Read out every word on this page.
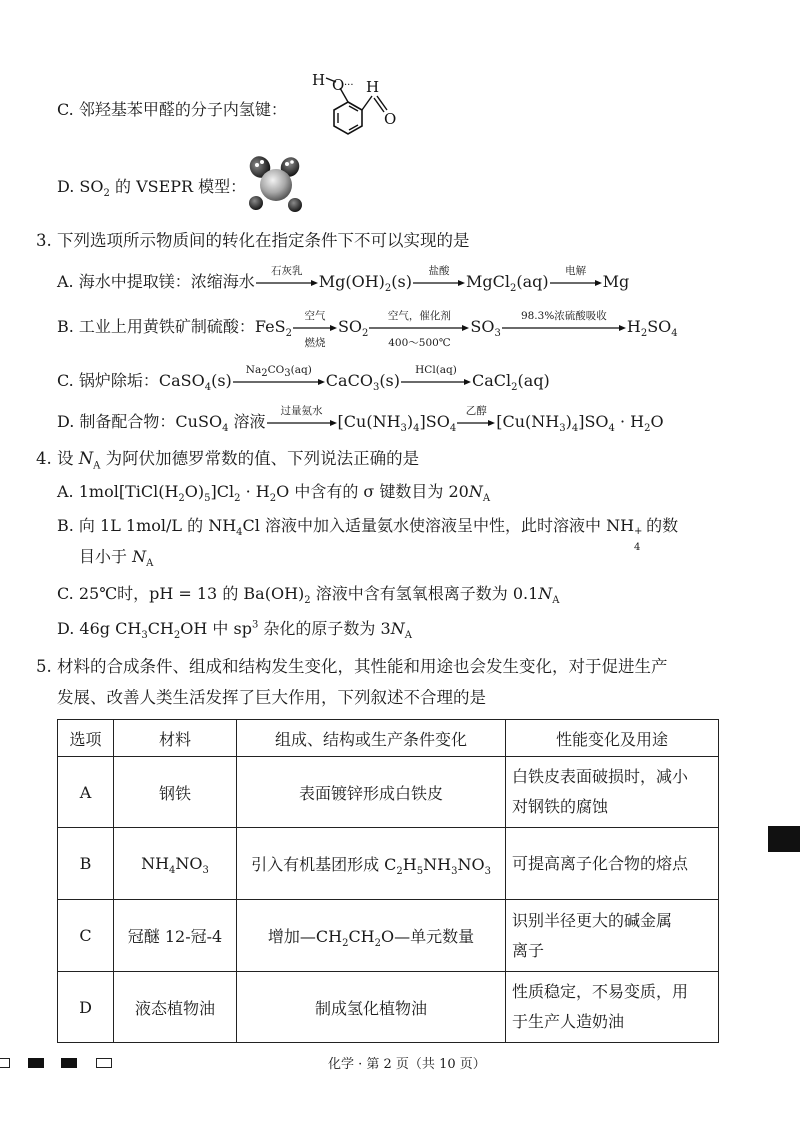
C. 邻羟基苯甲醛的分子内氢键：
···
H O H
O
D. $SO_2$ 的 VSEPR 模型：
3. 下列选项所示物质间的转化在指定条件下不可以实现的是
A. 海水中提取镁：浓缩海水
石灰乳
$Mg(OH)_2(s)$
盐酸
MgCl$_2$(aq)
电解
Mg
B. 工业上用黄铁矿制硫酸：FeS$_2$
空气
燃烧
$SO_2$
空气，催化剂
400～500℃
$SO_3$
98.3%浓硫酸吸收
$H_2SO_4$
C. 锅炉除垢：CaSO$_4$(s)
$Na_2CO_3(aq)$
CaCO$_3$(s)
HCl(aq)
CaCl$_2$(aq)
D. 制备配合物：CuSO$_4$ 溶液
过量氨水
$[Cu(NH_3)_4]SO_4$
乙醇
$[Cu(NH_3)_4]SO_4 \cdot H_2O$
4. 设 $N_A$ 为阿伏加德罗常数的值、下列说法正确的是
A. $1mol[TiCl(H_2O)_5]Cl_2 \cdot H_2O$ 中含有的 σ 键数目为 $20N_A$
B. 向 1L 1mol/L 的 $NH_4Cl$ 溶液中加入适量氨水使溶液呈中性，此时溶液中 NH +
4
的数
目小于 $N_A$
C. 25℃时，pH = 13 的 $Ba(OH)_2$ 溶液中含有氢氧根离子数为 $0.1N_A$
D. 46g $CH_3CH_2OH$ 中 $sp^3$ 杂化的原子数为 $3N_A$
5. 材料的合成条件、组成和结构发生变化，其性能和用途也会发生变化，对于促进生产
发展、改善人类生活发挥了巨大作用，下列叙述不合理的是
选项	材料	组成、结构或生产条件变化	性能变化及用途
A	钢铁	表面镀锌形成白铁皮	白铁皮表面破损时，减小
对钢铁的腐蚀

B	$NH_4NO_3$	引入有机基团形成 $C_2H_5NH_3NO_3$	可提高离子化合物的熔点

C	冠醚 12-冠-4	增加$—CH_2CH_2O—$单元数量	识别半径更大的碱金属
离子

D	液态植物油	制成氢化植物油	性质稳定，不易变质，用
于生产人造奶油
化学 · 第 2 页（共 10 页）
